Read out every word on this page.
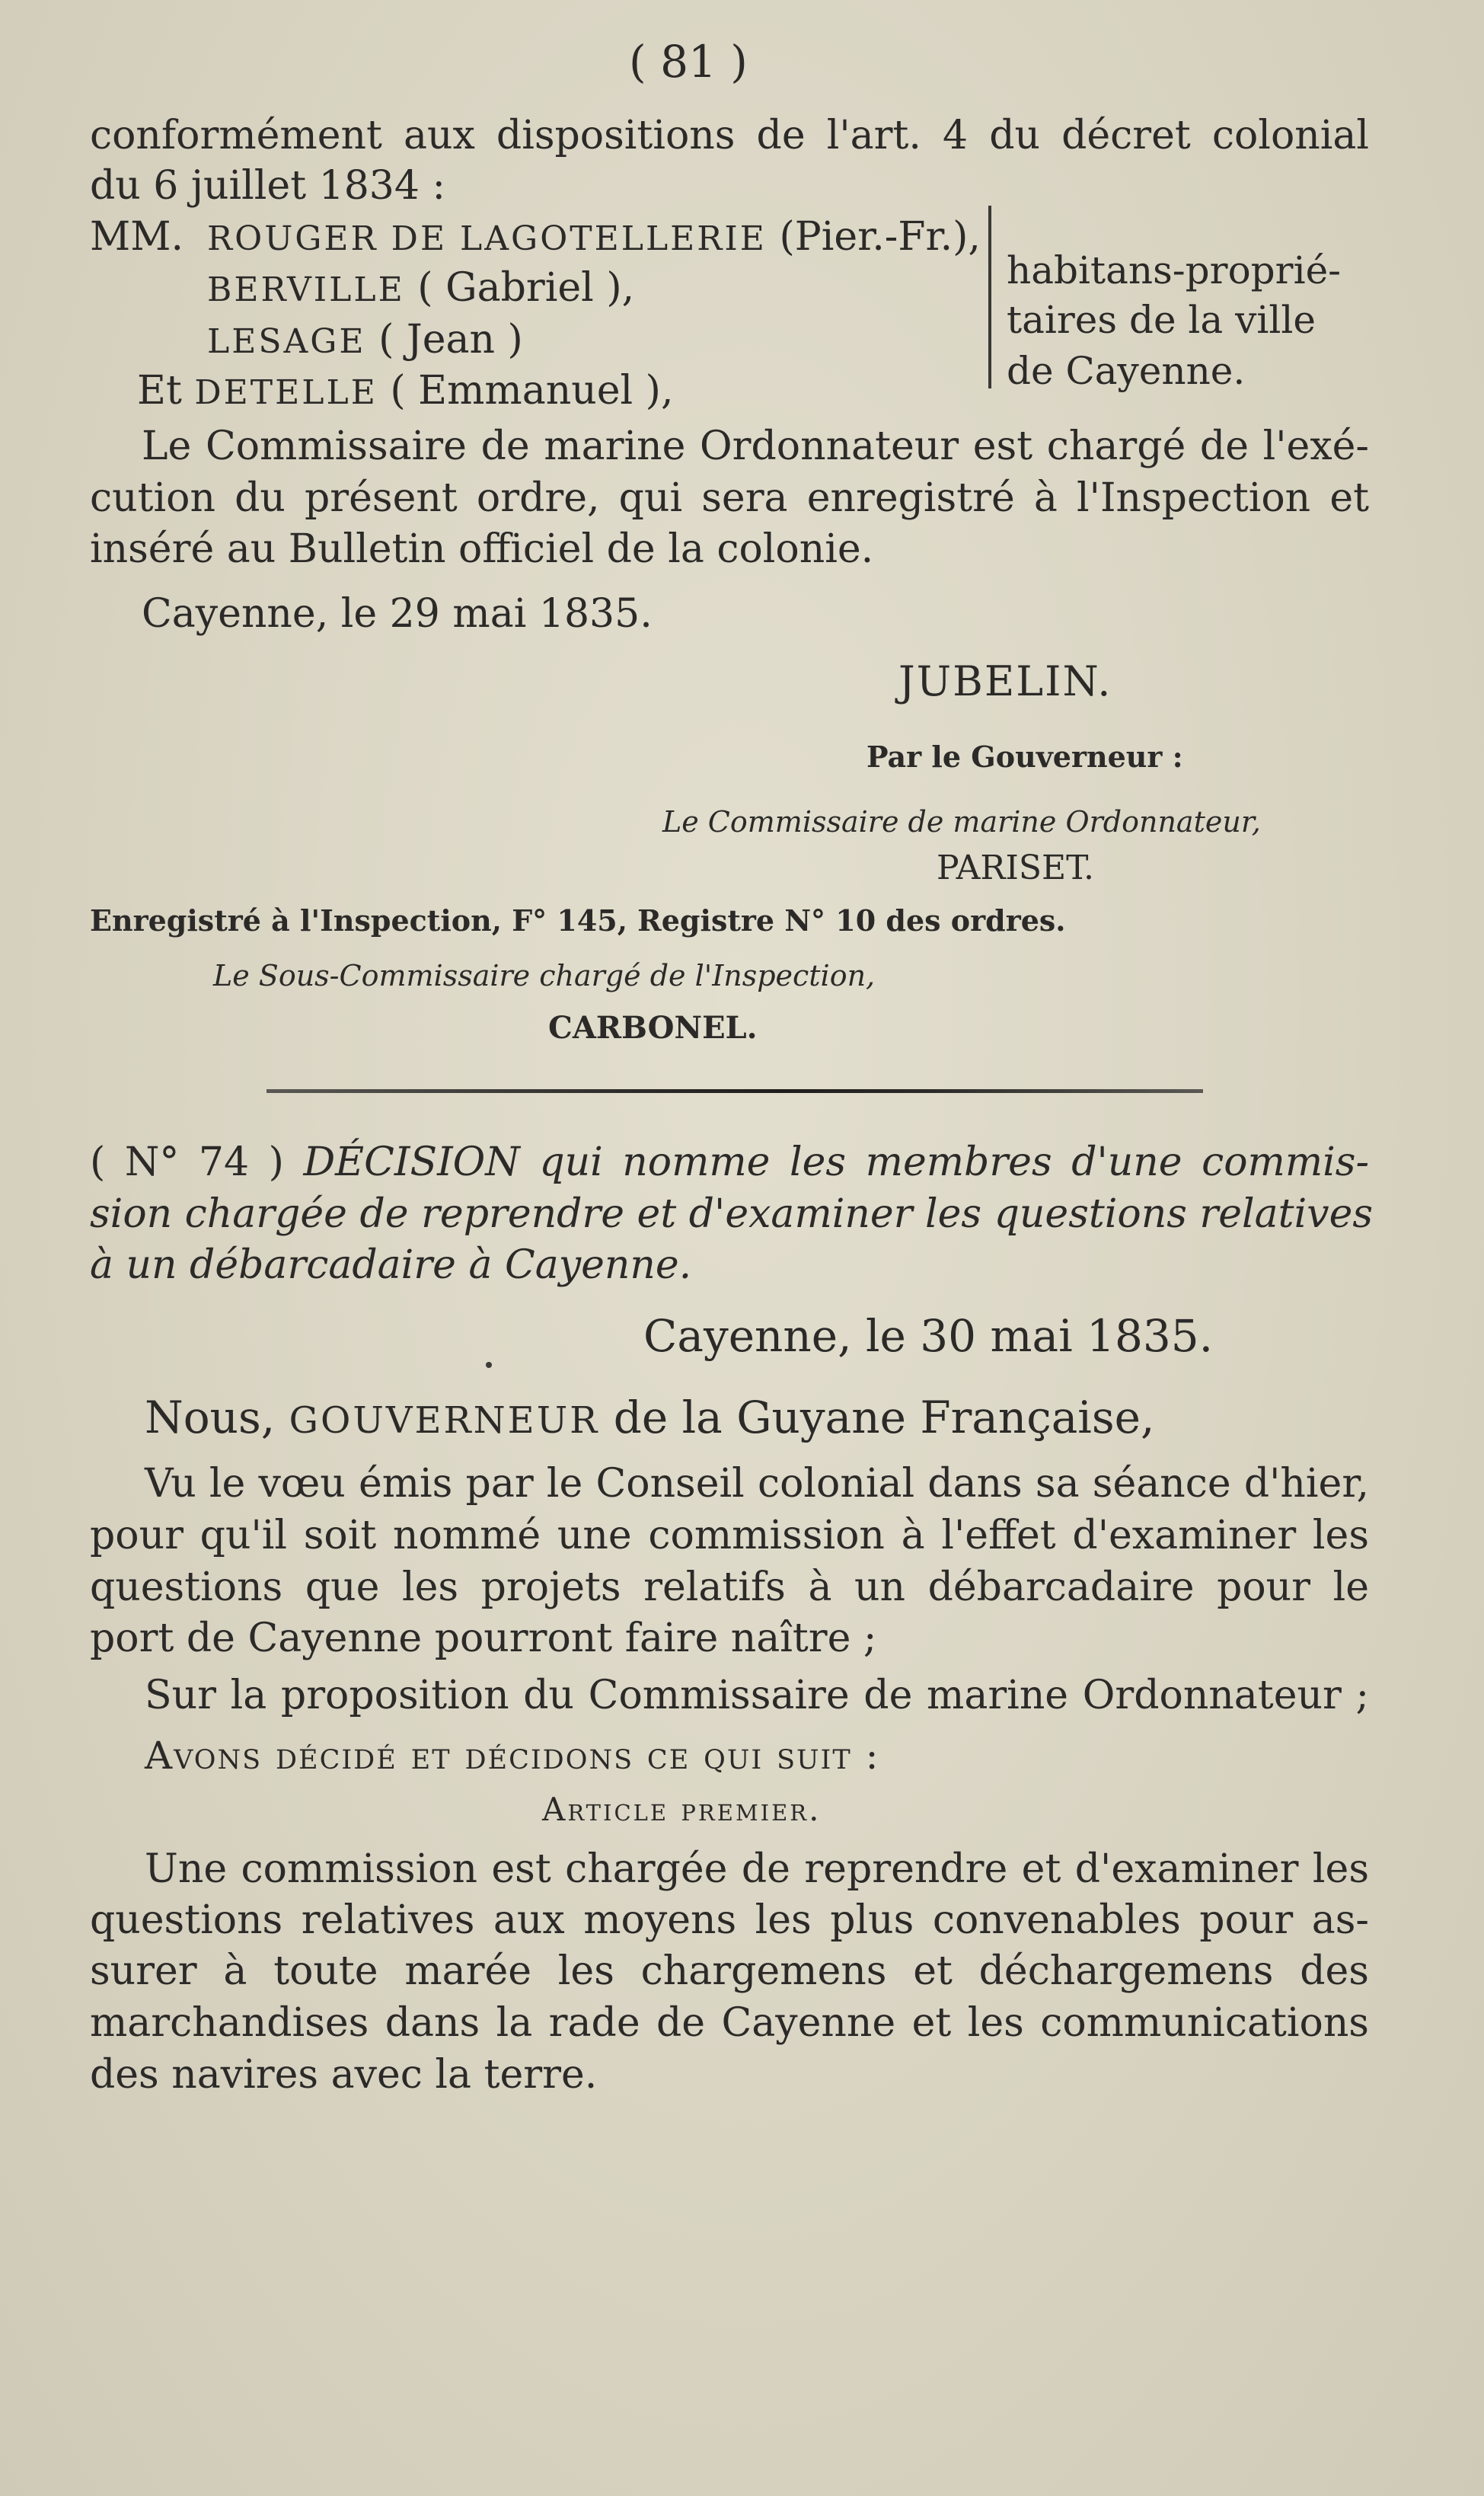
( 81 )
conformément aux dispositions de l'art. 4 du décret colonial
du 6 juillet 1834 :
MM. ROUGER DE LAGOTELLERIE (Pier.-Fr.),
BERVILLE ( Gabriel ),
LESAGE ( Jean )
Et DETELLE ( Emmanuel ),
habitans-proprié-
taires de la ville
de Cayenne.
Le Commissaire de marine Ordonnateur est chargé de l'exé-
cution du présent ordre, qui sera enregistré à l'Inspection et
inséré au Bulletin officiel de la colonie.
Cayenne, le 29 mai 1835.
JUBELIN.
Par le Gouverneur :
Le Commissaire de marine Ordonnateur,
PARISET.
Enregistré à l'Inspection, F° 145, Registre N° 10 des ordres.
Le Sous-Commissaire chargé de l'Inspection,
CARBONEL.
( N° 74 ) DÉCISION qui nomme les membres d'une commis-
sion chargée de reprendre et d'examiner les questions relatives
à un débarcadaire à Cayenne.
Cayenne, le 30 mai 1835.
Nous, GOUVERNEUR de la Guyane Française,
Vu le vœu émis par le Conseil colonial dans sa séance d'hier,
pour qu'il soit nommé une commission à l'effet d'examiner les
questions que les projets relatifs à un débarcadaire pour le
port de Cayenne pourront faire naître ;
Sur la proposition du Commissaire de marine Ordonnateur ;
Avons décidé et décidons ce qui suit :
Article premier.
Une commission est chargée de reprendre et d'examiner les
questions relatives aux moyens les plus convenables pour as-
surer à toute marée les chargemens et déchargemens des
marchandises dans la rade de Cayenne et les communications
des navires avec la terre.
